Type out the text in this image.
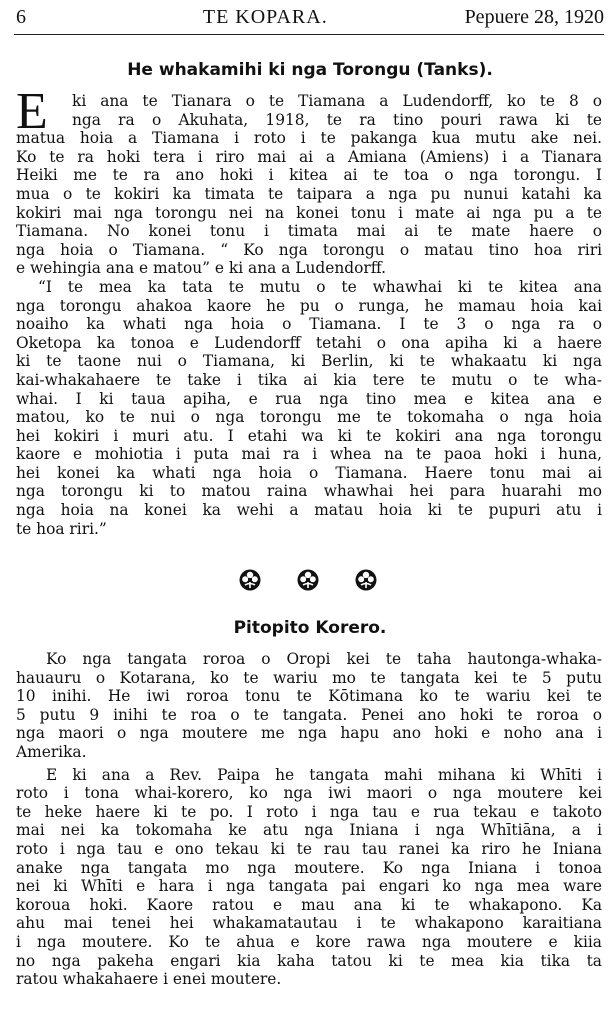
6	TE KOPARA.	Pepuere 28, 1920
He whakamihi ki nga Torongu (Tanks).
E	ki ana te Tianara o te Tiamana a Ludendorff, ko te 8 o
nga ra o Akuhata, 1918, te ra tino pouri rawa ki te
matua hoia a Tiamana i roto i te pakanga kua mutu ake nei.
Ko te ra hoki tera i riro mai ai a Amiana (Amiens) i a Tianara
Heiki me te ra ano hoki i kitea ai te toa o nga torongu. I
mua o te kokiri ka timata te taipara a nga pu nunui katahi ka
kokiri mai nga torongu nei na konei tonu i mate ai nga pu a te
Tiamana. No konei tonu i timata mai ai te mate haere o
nga hoia o Tiamana. “ Ko nga torongu o matau tino hoa riri
e wehingia ana e matou” e ki ana a Ludendorff.
“I te mea ka tata te mutu o te whawhai ki te kitea ana
nga torongu ahakoa kaore he pu o runga, he mamau hoia kai
noaiho ka whati nga hoia o Tiamana. I te 3 o nga ra o
Oketopa ka tonoa e Ludendorff tetahi o ona apiha ki a haere
ki te taone nui o Tiamana, ki Berlin, ki te whakaatu ki nga
kai-whakahaere te take i tika ai kia tere te mutu o te wha-
whai. I ki taua apiha, e rua nga tino mea e kitea ana e
matou, ko te nui o nga torongu me te tokomaha o nga hoia
hei kokiri i muri atu. I etahi wa ki te kokiri ana nga torongu
kaore e mohiotia i puta mai ra i whea na te paoa hoki i huna,
hei konei ka whati nga hoia o Tiamana. Haere tonu mai ai
nga torongu ki to matou raina whawhai hei para huarahi mo
nga hoia na konei ka wehi a matau hoia ki te pupuri atu i
te hoa riri.”
Pitopito Korero.
Ko nga tangata roroa o Oropi kei te taha hautonga-whaka-
hauauru o Kotarana, ko te wariu mo te tangata kei te 5 putu
10 inihi. He iwi roroa tonu te Kōtimana ko te wariu kei te
5 putu 9 inihi te roa o te tangata. Penei ano hoki te roroa o
nga maori o nga moutere me nga hapu ano hoki e noho ana i
Amerika.
E ki ana a Rev. Paipa he tangata mahi mihana ki Whīti i
roto i tona whai-korero, ko nga iwi maori o nga moutere kei
te heke haere ki te po. I roto i nga tau e rua tekau e takoto
mai nei ka tokomaha ke atu nga Iniana i nga Whītiāna, a i
roto i nga tau e ono tekau ki te rau tau ranei ka riro he Iniana
anake nga tangata mo nga moutere. Ko nga Iniana i tonoa
nei ki Whīti e hara i nga tangata pai engari ko nga mea ware
koroua hoki. Kaore ratou e mau ana ki te whakapono. Ka
ahu mai tenei hei whakamatautau i te whakapono karaitiana
i nga moutere. Ko te ahua e kore rawa nga moutere e kiia
no nga pakeha engari kia kaha tatou ki te mea kia tika ta
ratou whakahaere i enei moutere.
